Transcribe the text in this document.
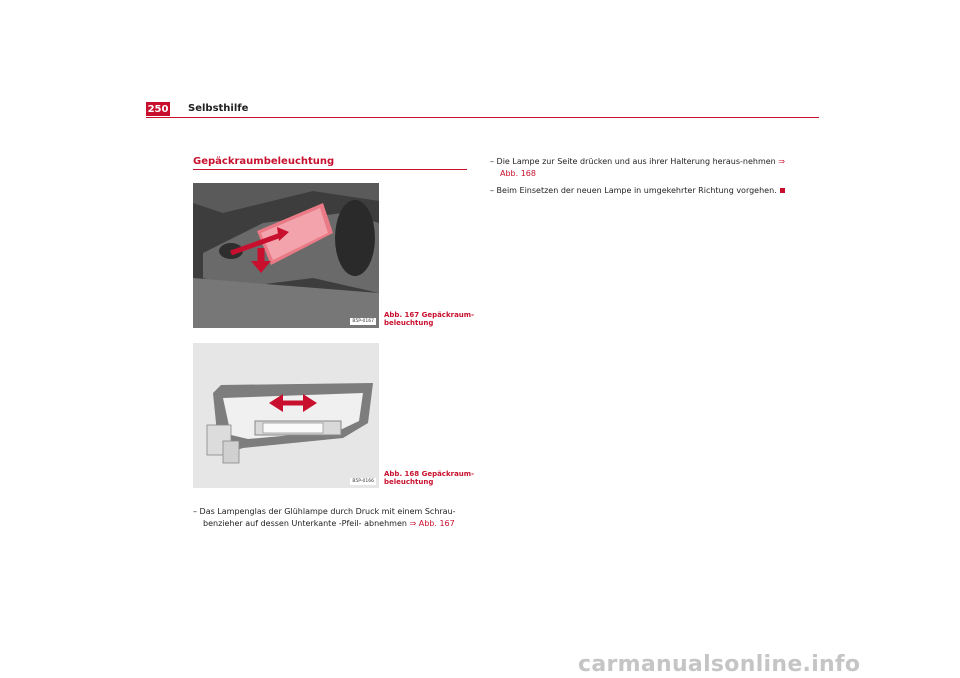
250 Selbsthilfe
Gepäckraumbeleuchtung
B5P-0167
Abb. 167 Gepäckraum-beleuchtung
B5P-0166
Abb. 168 Gepäckraum-beleuchtung
– Das Lampenglas der Glühlampe durch Druck mit einem Schrau-benzieher auf dessen Unterkante -Pfeil- abnehmen ⇒ Abb. 167
– Die Lampe zur Seite drücken und aus ihrer Halterung heraus-nehmen ⇒ Abb. 168
– Beim Einsetzen der neuen Lampe in umgekehrter Richtung vorgehen.
carmanualsonline.info
